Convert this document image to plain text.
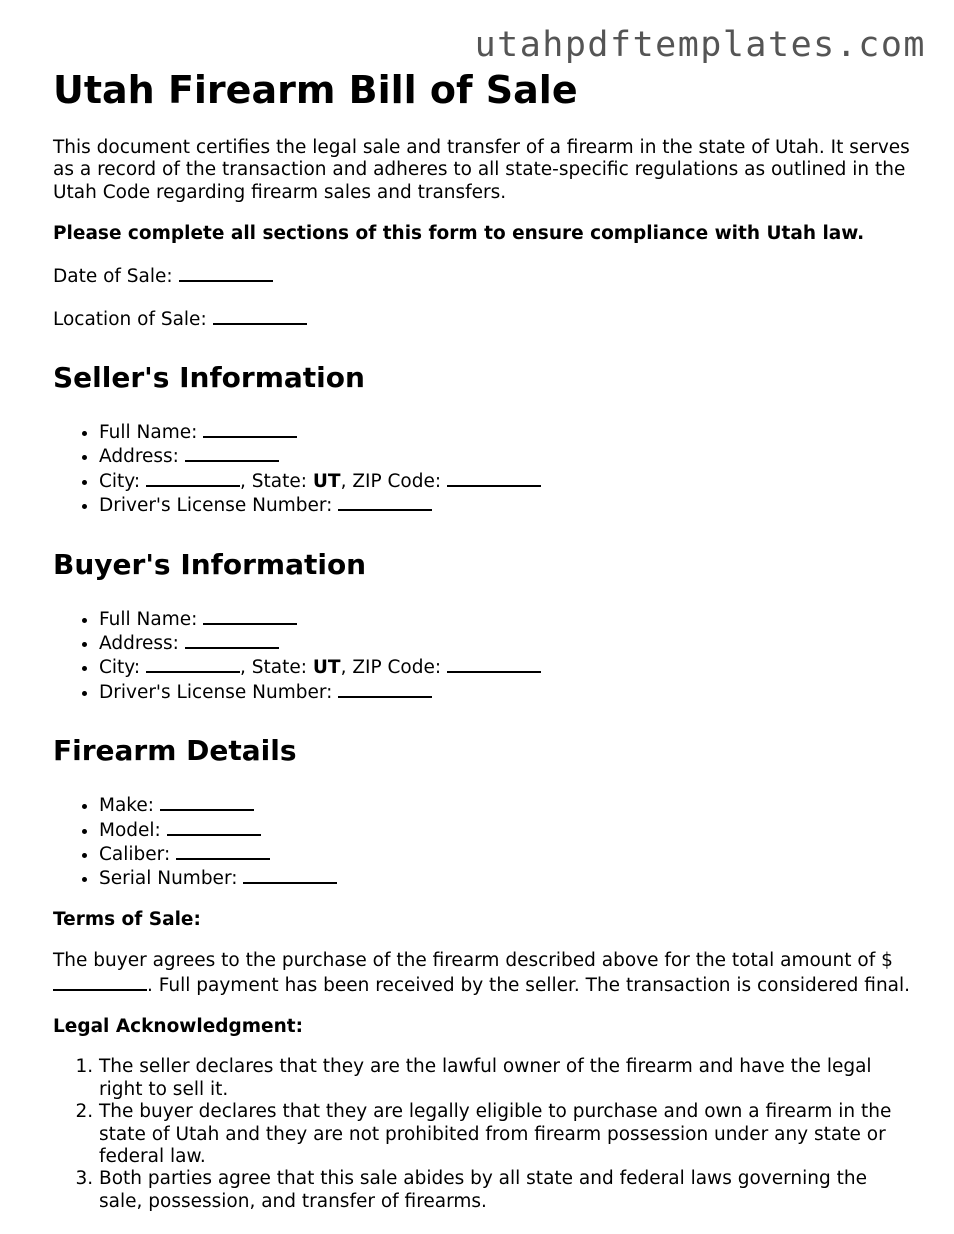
utahpdftemplates.com
Utah Firearm Bill of Sale

This document certifies the legal sale and transfer of a firearm in the state of Utah. It serves as a record of the transaction and adheres to all state-specific regulations as outlined in the Utah Code regarding firearm sales and transfers.

Please complete all sections of this form to ensure compliance with Utah law.

Date of Sale:

Location of Sale:

Seller's Information
• Full Name:
• Address:
• City:	, State: UT, ZIP Code:
• Driver's License Number:
Buyer's Information
• Full Name:
• Address:
• City:	, State: UT, ZIP Code:
• Driver's License Number:
Firearm Details
• Make:
• Model:
• Caliber:
• Serial Number:

Terms of Sale:

The buyer agrees to the purchase of the firearm described above for the total amount of $. Full payment has been received by the seller. The transaction is considered final.

Legal Acknowledgment:

1. The seller declares that they are the lawful owner of the firearm and have the legal right to sell it.
2. The buyer declares that they are legally eligible to purchase and own a firearm in the state of Utah and they are not prohibited from firearm possession under any state or federal law.
3. Both parties agree that this sale abides by all state and federal laws governing the sale, possession, and transfer of firearms.
